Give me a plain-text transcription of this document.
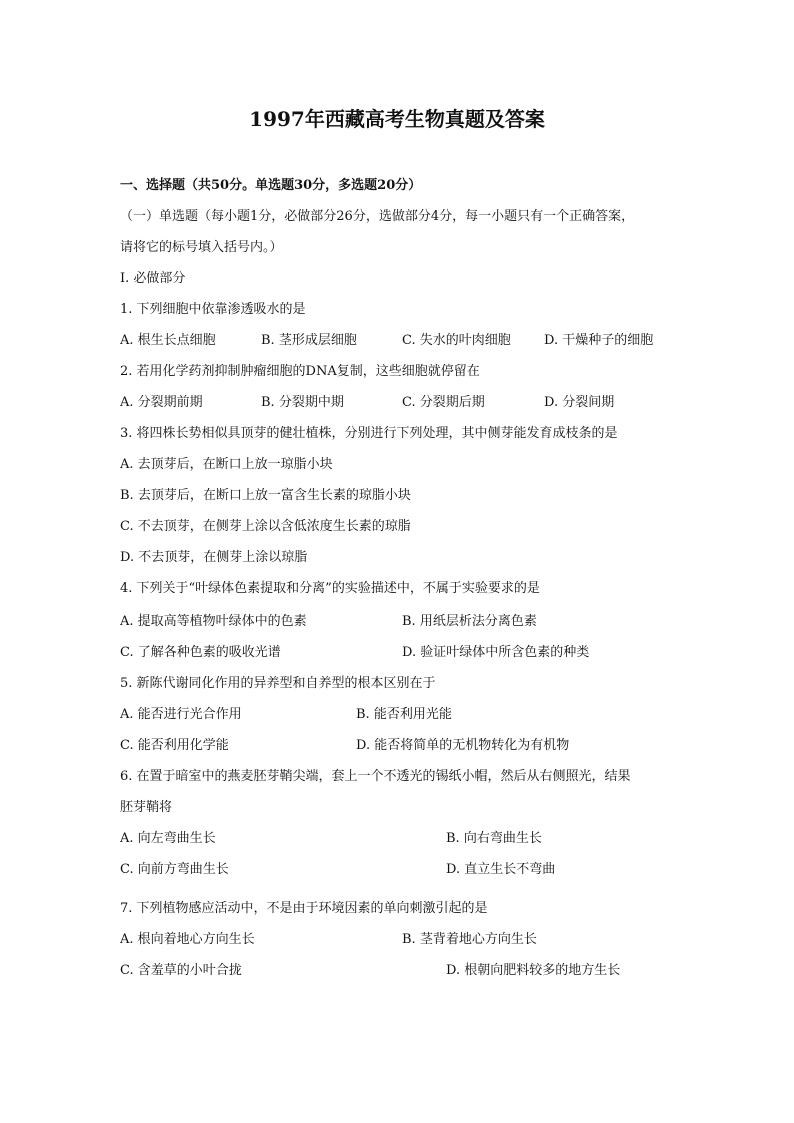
1997年西藏高考生物真题及答案
一、选择题（共50分。单选题30分，多选题20分）
（一）单选题（每小题1分，必做部分26分，选做部分4分，每一小题只有一个正确答案，
请将它的标号填入括号内。）
I. 必做部分
1. 下列细胞中依靠渗透吸水的是
A. 根生长点细胞	B. 茎形成层细胞	C. 失水的叶肉细胞	D. 干燥种子的细胞
2. 若用化学药剂抑制肿瘤细胞的DNA复制，这些细胞就停留在
A. 分裂期前期	B. 分裂期中期	C. 分裂期后期	D. 分裂间期
3. 将四株长势相似具顶芽的健壮植株，分别进行下列处理，其中侧芽能发育成枝条的是
A. 去顶芽后，在断口上放一琼脂小块
B. 去顶芽后，在断口上放一富含生长素的琼脂小块
C. 不去顶芽，在侧芽上涂以含低浓度生长素的琼脂
D. 不去顶芽，在侧芽上涂以琼脂
4. 下列关于“叶绿体色素提取和分离”的实验描述中，不属于实验要求的是
A. 提取高等植物叶绿体中的色素	B. 用纸层析法分离色素
C. 了解各种色素的吸收光谱	D. 验证叶绿体中所含色素的种类
5. 新陈代谢同化作用的异养型和自养型的根本区别在于
A. 能否进行光合作用	B. 能否利用光能
C. 能否利用化学能	D. 能否将简单的无机物转化为有机物
6. 在置于暗室中的燕麦胚芽鞘尖端，套上一个不透光的锡纸小帽，然后从右侧照光，结果
胚芽鞘将
A. 向左弯曲生长	B. 向右弯曲生长
C. 向前方弯曲生长	D. 直立生长不弯曲
7. 下列植物感应活动中，不是由于环境因素的单向刺激引起的是
A. 根向着地心方向生长	B. 茎背着地心方向生长
C. 含羞草的小叶合拢	D. 根朝向肥料较多的地方生长
